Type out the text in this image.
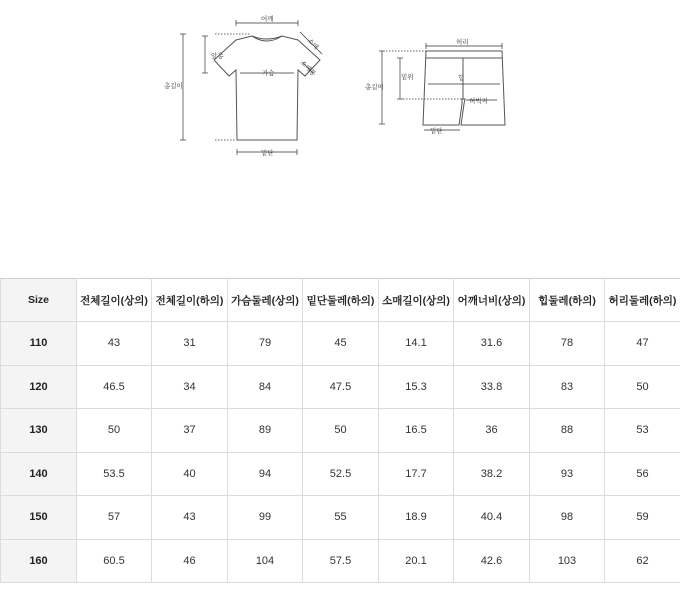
어깨
앞총
가슴
총길이
밑단
소매
소매통
허리
밑위	힙
총길이
허벅지
밑단
Size	전체길이(상의)	전체길이(하의)	가슴둘레(상의)	밑단둘레(하의)	소매길이(상의)	어깨너비(상의)	힙둘레(하의)	허리둘레(하의)
110	43	31	79	45	14.1	31.6	78	47
120	46.5	34	84	47.5	15.3	33.8	83	50
130	50	37	89	50	16.5	36	88	53
140	53.5	40	94	52.5	17.7	38.2	93	56
150	57	43	99	55	18.9	40.4	98	59
160	60.5	46	104	57.5	20.1	42.6	103	62
